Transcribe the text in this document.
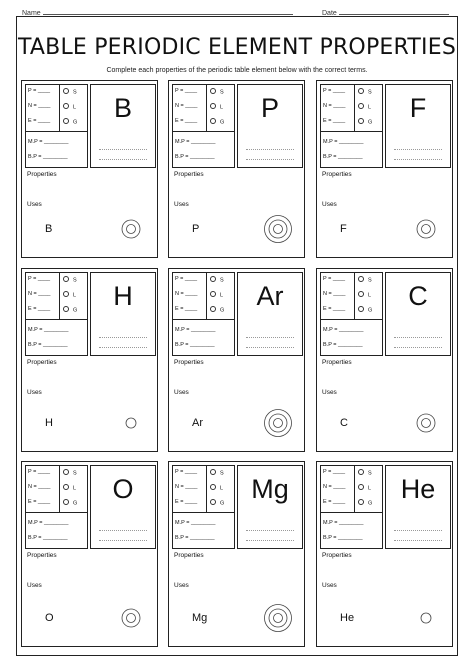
Name	Date
TABLE PERIODIC ELEMENT PROPERTIES
Complete each properties of the periodic table element below with the correct terms.
P = ____
N = ____
E = ____
S
L
G
M.P = ________
B.P = ________
B
Properties
Uses
B
P = ____
N = ____
E = ____
S
L
G
M.P = ________
B.P = ________
P
Properties
Uses
P
P = ____
N = ____
E = ____
S
L
G
M.P = ________
B.P = ________
F
Properties
Uses
F
P = ____
N = ____
E = ____
S
L
G
M.P = ________
B.P = ________
H
Properties
Uses
H
P = ____
N = ____
E = ____
S
L
G
M.P = ________
B.P = ________
Ar
Properties
Uses
Ar
P = ____
N = ____
E = ____
S
L
G
M.P = ________
B.P = ________
C
Properties
Uses
C
P = ____
N = ____
E = ____
S
L
G
M.P = ________
B.P = ________
O
Properties
Uses
O
P = ____
N = ____
E = ____
S
L
G
M.P = ________
B.P = ________
Mg
Properties
Uses
Mg
P = ____
N = ____
E = ____
S
L
G
M.P = ________
B.P = ________
He
Properties
Uses
He
